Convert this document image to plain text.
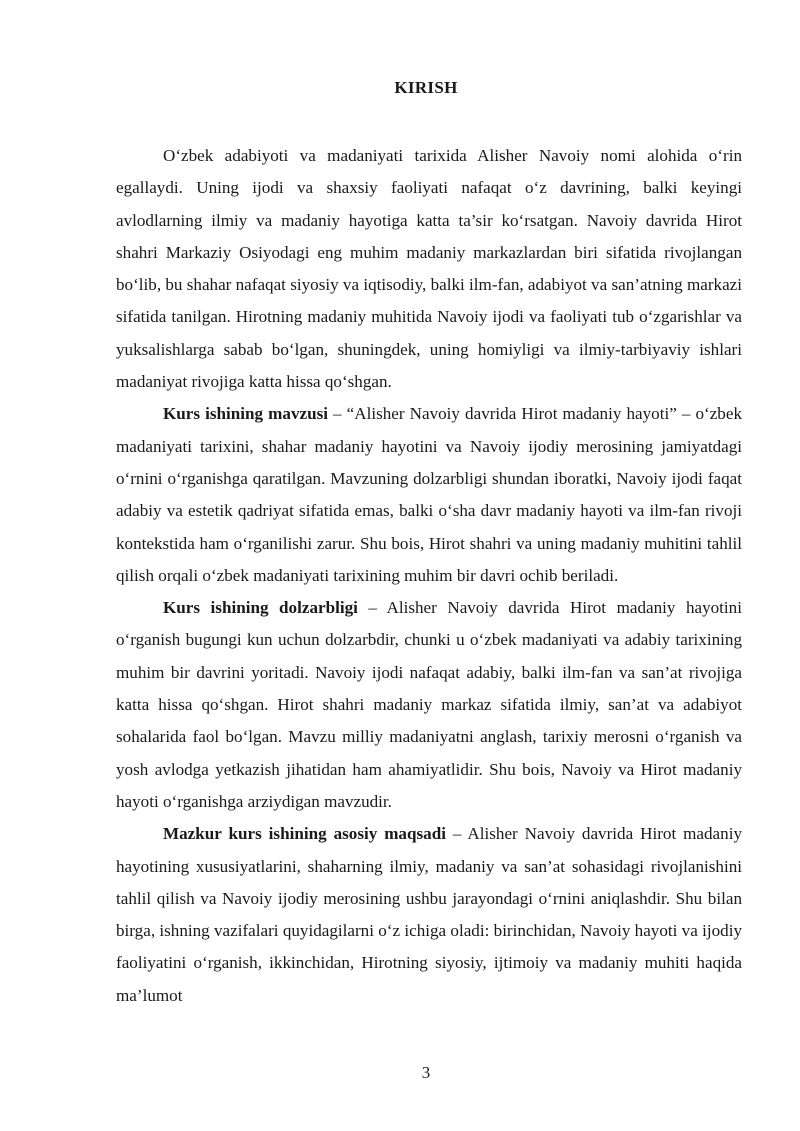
KIRISH

O‘zbek adabiyoti va madaniyati tarixida Alisher Navoiy nomi alohida o‘rin egallaydi. Uning ijodi va shaxsiy faoliyati nafaqat o‘z davrining, balki keyingi avlodlarning ilmiy va madaniy hayotiga katta ta’sir ko‘rsatgan. Navoiy davrida Hirot shahri Markaziy Osiyodagi eng muhim madaniy markazlardan biri sifatida rivojlangan bo‘lib, bu shahar nafaqat siyosiy va iqtisodiy, balki ilm-fan, adabiyot va san’atning markazi sifatida tanilgan. Hirotning madaniy muhitida Navoiy ijodi va faoliyati tub o‘zgarishlar va yuksalishlarga sabab bo‘lgan, shuningdek, uning homiyligi va ilmiy-tarbiyaviy ishlari madaniyat rivojiga katta hissa qo‘shgan.

Kurs ishining mavzusi – “Alisher Navoiy davrida Hirot madaniy hayoti” – o‘zbek madaniyati tarixini, shahar madaniy hayotini va Navoiy ijodiy merosining jamiyatdagi o‘rnini o‘rganishga qaratilgan. Mavzuning dolzarbligi shundan iboratki, Navoiy ijodi faqat adabiy va estetik qadriyat sifatida emas, balki o‘sha davr madaniy hayoti va ilm-fan rivoji kontekstida ham o‘rganilishi zarur. Shu bois, Hirot shahri va uning madaniy muhitini tahlil qilish orqali o‘zbek madaniyati tarixining muhim bir davri ochib beriladi.

Kurs ishining dolzarbligi – Alisher Navoiy davrida Hirot madaniy hayotini o‘rganish bugungi kun uchun dolzarbdir, chunki u o‘zbek madaniyati va adabiy tarixining muhim bir davrini yoritadi. Navoiy ijodi nafaqat adabiy, balki ilm-fan va san’at rivojiga katta hissa qo‘shgan. Hirot shahri madaniy markaz sifatida ilmiy, san’at va adabiyot sohalarida faol bo‘lgan. Mavzu milliy madaniyatni anglash, tarixiy merosni o‘rganish va yosh avlodga yetkazish jihatidan ham ahamiyatlidir. Shu bois, Navoiy va Hirot madaniy hayoti o‘rganishga arziydigan mavzudir.

Mazkur kurs ishining asosiy maqsadi – Alisher Navoiy davrida Hirot madaniy hayotining xususiyatlarini, shaharning ilmiy, madaniy va san’at sohasidagi rivojlanishini tahlil qilish va Navoiy ijodiy merosining ushbu jarayondagi o‘rnini aniqlashdir. Shu bilan birga, ishning vazifalari quyidagilarni o‘z ichiga oladi: birinchidan, Navoiy hayoti va ijodiy faoliyatini o‘rganish, ikkinchidan, Hirotning siyosiy, ijtimoiy va madaniy muhiti haqida ma’lumot

3
